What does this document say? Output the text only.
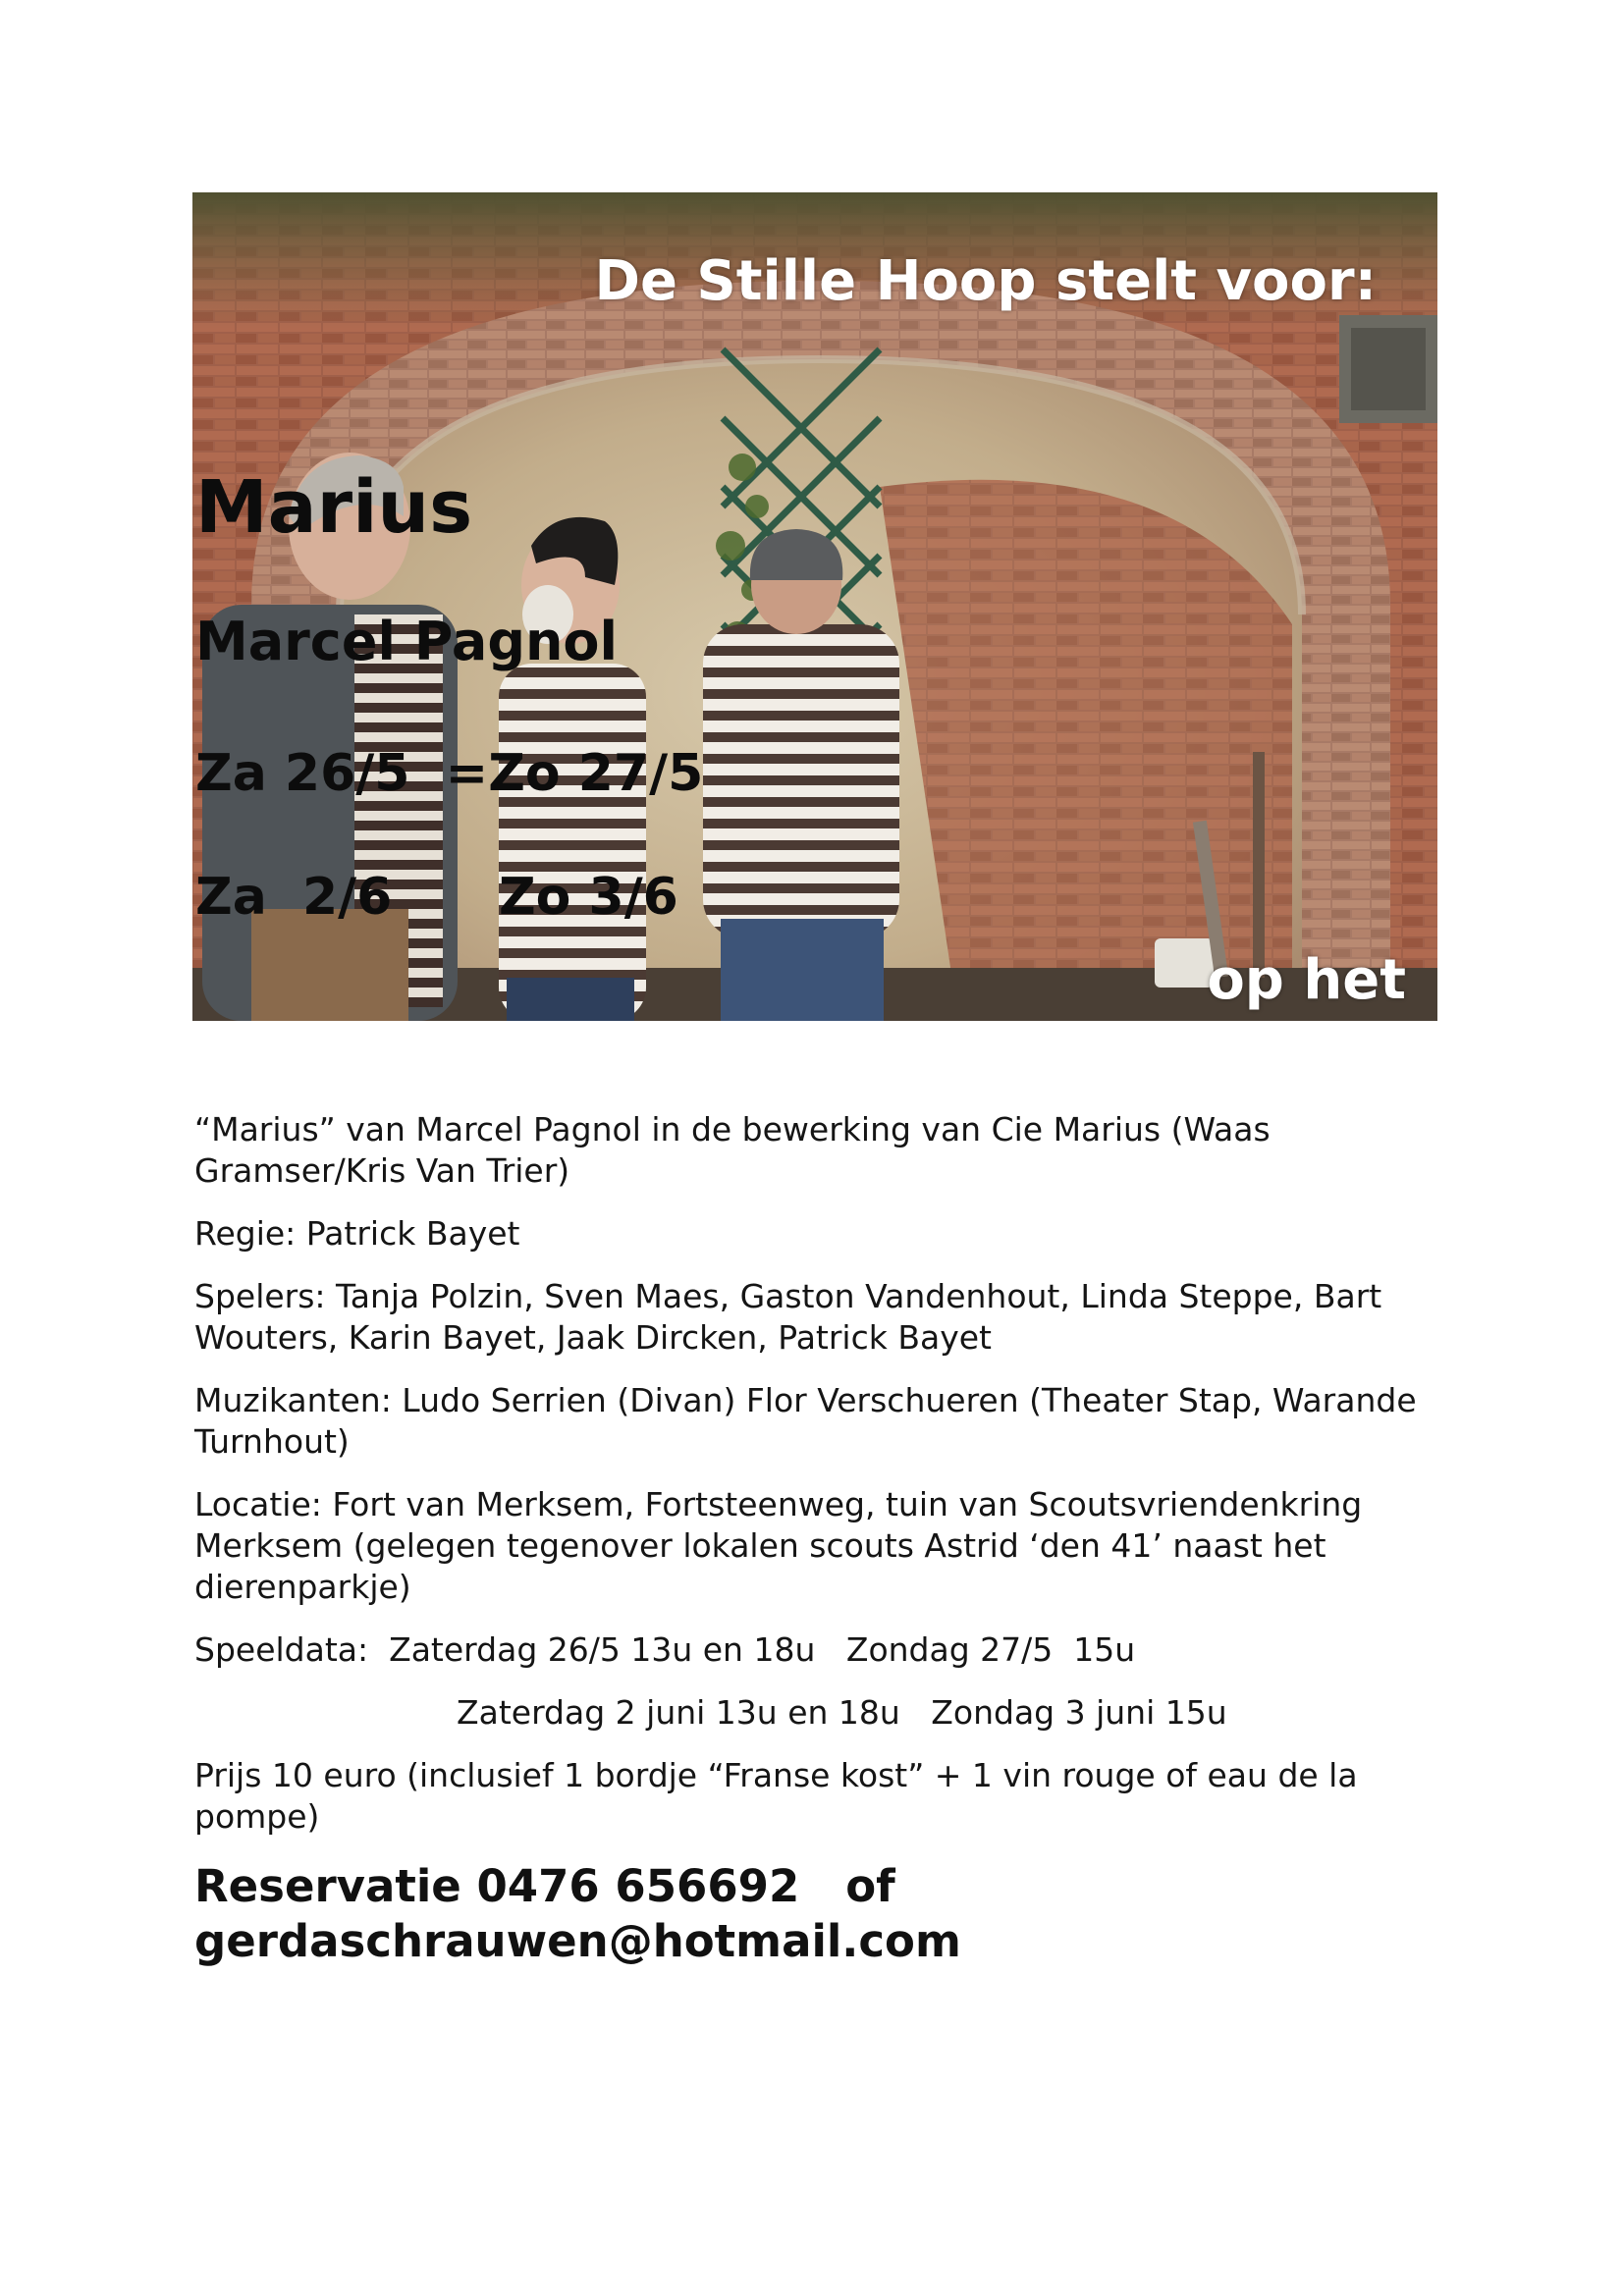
De Stille Hoop stelt voor:
Marius
Marcel Pagnol
Za 26/5  =Zo 27/5
Za  2/6      Zo 3/6
op het

“Marius” van Marcel Pagnol in de bewerking van Cie Marius (Waas Gramser/Kris Van Trier)

Regie: Patrick Bayet

Spelers: Tanja Polzin, Sven Maes, Gaston Vandenhout, Linda Steppe, Bart Wouters, Karin Bayet, Jaak Dircken, Patrick Bayet

Muzikanten: Ludo Serrien (Divan) Flor Verschueren (Theater Stap, Warande Turnhout)

Locatie: Fort van Merksem, Fortsteenweg, tuin van Scoutsvriendenkring Merksem (gelegen tegenover lokalen scouts Astrid ‘den 41’ naast het dierenparkje)

Speeldata:  Zaterdag 26/5 13u en 18u   Zondag 27/5  15u

Zaterdag 2 juni 13u en 18u   Zondag 3 juni 15u

Prijs 10 euro (inclusief 1 bordje “Franse kost” + 1 vin rouge of eau de la pompe)

Reservatie 0476 656692   of
gerdaschrauwen@hotmail.com
